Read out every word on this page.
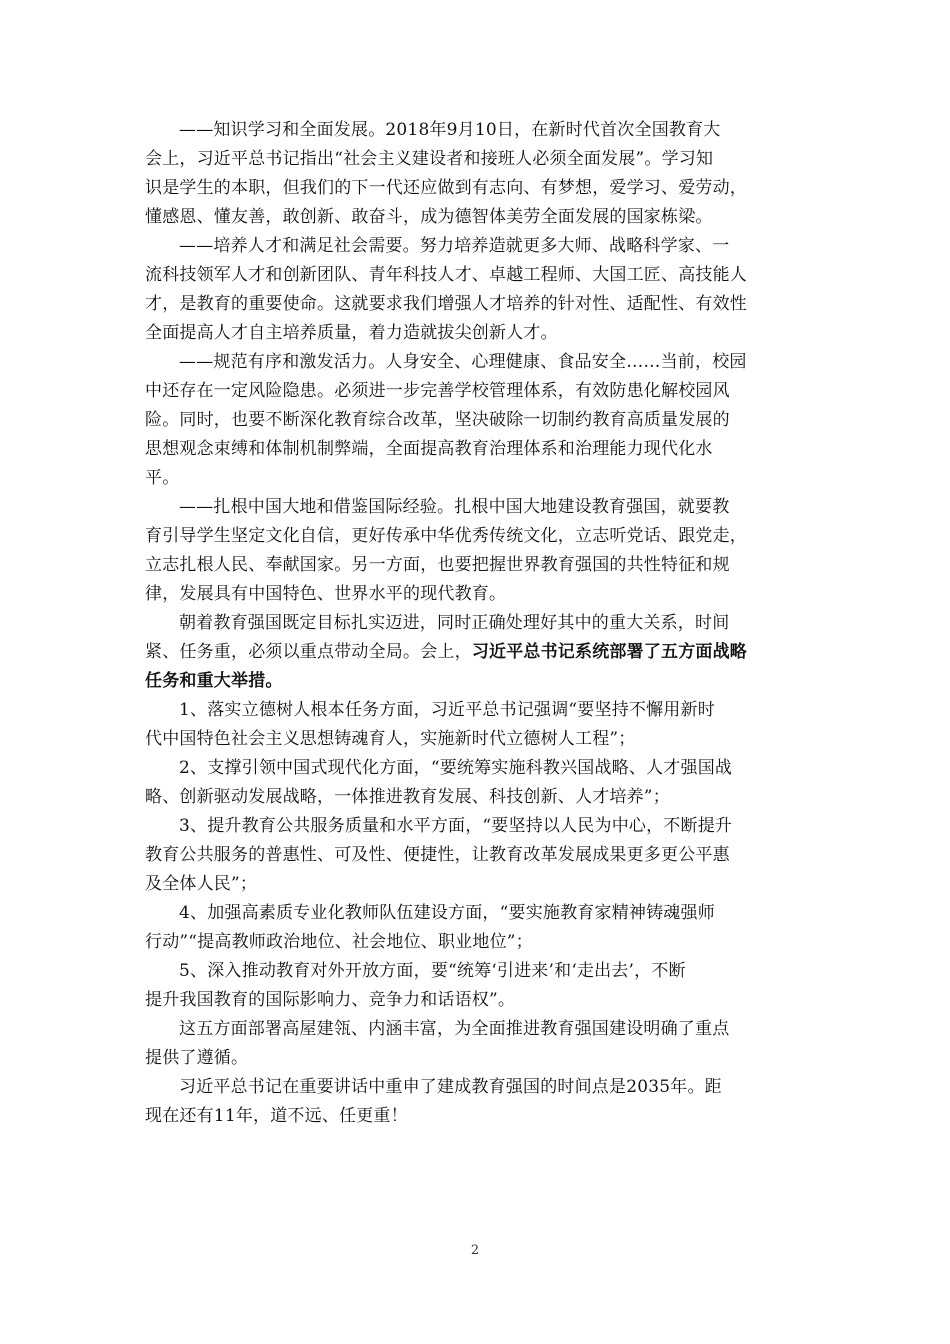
——知识学习和全面发展。2018年9月10日，在新时代首次全国教育大
会上，习近平总书记指出“社会主义建设者和接班人必须全面发展”。学习知
识是学生的本职，但我们的下一代还应做到有志向、有梦想，爱学习、爱劳动，
懂感恩、懂友善，敢创新、敢奋斗，成为德智体美劳全面发展的国家栋梁。
——培养人才和满足社会需要。努力培养造就更多大师、战略科学家、一
流科技领军人才和创新团队、青年科技人才、卓越工程师、大国工匠、高技能人
才，是教育的重要使命。这就要求我们增强人才培养的针对性、适配性、有效性
全面提高人才自主培养质量，着力造就拔尖创新人才。
——规范有序和激发活力。人身安全、心理健康、食品安全……当前，校园
中还存在一定风险隐患。必须进一步完善学校管理体系，有效防患化解校园风
险。同时，也要不断深化教育综合改革，坚决破除一切制约教育高质量发展的
思想观念束缚和体制机制弊端，全面提高教育治理体系和治理能力现代化水
平。
——扎根中国大地和借鉴国际经验。扎根中国大地建设教育强国，就要教
育引导学生坚定文化自信，更好传承中华优秀传统文化，立志听党话、跟党走，
立志扎根人民、奉献国家。另一方面，也要把握世界教育强国的共性特征和规
律，发展具有中国特色、世界水平的现代教育。
朝着教育强国既定目标扎实迈进，同时正确处理好其中的重大关系，时间
紧、任务重，必须以重点带动全局。会上，习近平总书记系统部署了五方面战略
任务和重大举措。
1、落实立德树人根本任务方面，习近平总书记强调“要坚持不懈用新时
代中国特色社会主义思想铸魂育人，实施新时代立德树人工程”；
2、支撑引领中国式现代化方面，“要统筹实施科教兴国战略、人才强国战
略、创新驱动发展战略，一体推进教育发展、科技创新、人才培养”；
3、提升教育公共服务质量和水平方面，“要坚持以人民为中心，不断提升
教育公共服务的普惠性、可及性、便捷性，让教育改革发展成果更多更公平惠
及全体人民”；
4、加强高素质专业化教师队伍建设方面，“要实施教育家精神铸魂强师
行动”“提高教师政治地位、社会地位、职业地位”；
5、深入推动教育对外开放方面，要“统筹‘引进来’和‘走出去’，不断
提升我国教育的国际影响力、竞争力和话语权”。
这五方面部署高屋建瓴、内涵丰富，为全面推进教育强国建设明确了重点
提供了遵循。
习近平总书记在重要讲话中重申了建成教育强国的时间点是2035年。距
现在还有11年，道不远、任更重！
2
